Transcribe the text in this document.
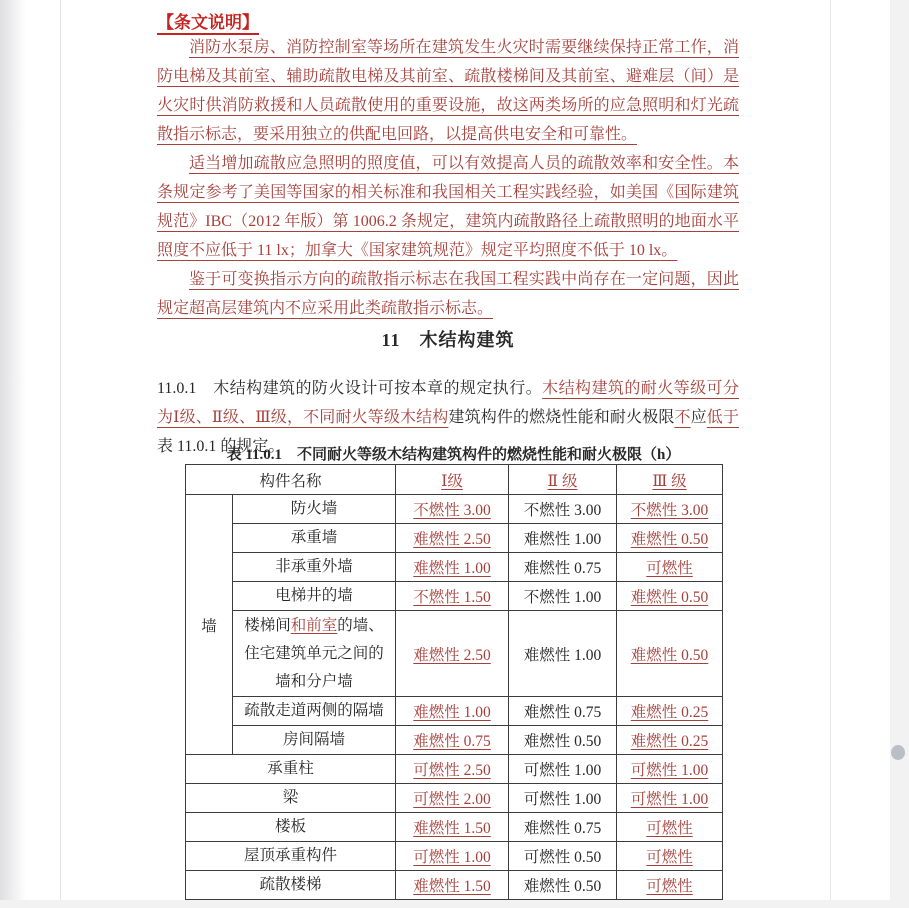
【条文说明】

消防水泵房、消防控制室等场所在建筑发生火灾时需要继续保持正常工作，消防电梯及其前室、辅助疏散电梯及其前室、疏散楼梯间及其前室、避难层（间）是火灾时供消防救援和人员疏散使用的重要设施，故这两类场所的应急照明和灯光疏散指示标志，要采用独立的供配电回路，以提高供电安全和可靠性。

适当增加疏散应急照明的照度值，可以有效提高人员的疏散效率和安全性。本条规定参考了美国等国家的相关标准和我国相关工程实践经验，如美国《国际建筑规范》IBC（2012 年版）第 1006.2 条规定，建筑内疏散路径上疏散照明的地面水平照度不应低于 11 lx；加拿大《国家建筑规范》规定平均照度不低于 10 lx。

鉴于可变换指示方向的疏散指示标志在我国工程实践中尚存在一定问题，因此规定超高层建筑内不应采用此类疏散指示标志。

11　木结构建筑

11.0.1　木结构建筑的防火设计可按本章的规定执行。木结构建筑的耐火等级可分为Ⅰ级、Ⅱ级、Ⅲ级，不同耐火等级木结构建筑构件的燃烧性能和耐火极限不应低于表 11.0.1 的规定。

表 11.0.1　不同耐火等级木结构建筑构件的燃烧性能和耐火极限（h）
构件名称		Ⅰ级	Ⅱ 级	Ⅲ 级
墙	防火墙	不燃性 3.00	不燃性 3.00	不燃性 3.00
	承重墙	难燃性 2.50	难燃性 1.00	难燃性 0.50
	非承重外墙	难燃性 1.00	难燃性 0.75	可燃性
	电梯井的墙	不燃性 1.50	不燃性 1.00	难燃性 0.50
	楼梯间和前室的墙、住宅建筑单元之间的墙和分户墙	难燃性 2.50	难燃性 1.00	难燃性 0.50
	疏散走道两侧的隔墙	难燃性 1.00	难燃性 0.75	难燃性 0.25
	房间隔墙	难燃性 0.75	难燃性 0.50	难燃性 0.25
承重柱		可燃性 2.50	可燃性 1.00	可燃性 1.00
梁		可燃性 2.00	可燃性 1.00	可燃性 1.00
楼板		难燃性 1.50	难燃性 0.75	可燃性
屋顶承重构件		可燃性 1.00	可燃性 0.50	可燃性
疏散楼梯		难燃性 1.50	难燃性 0.50	可燃性
